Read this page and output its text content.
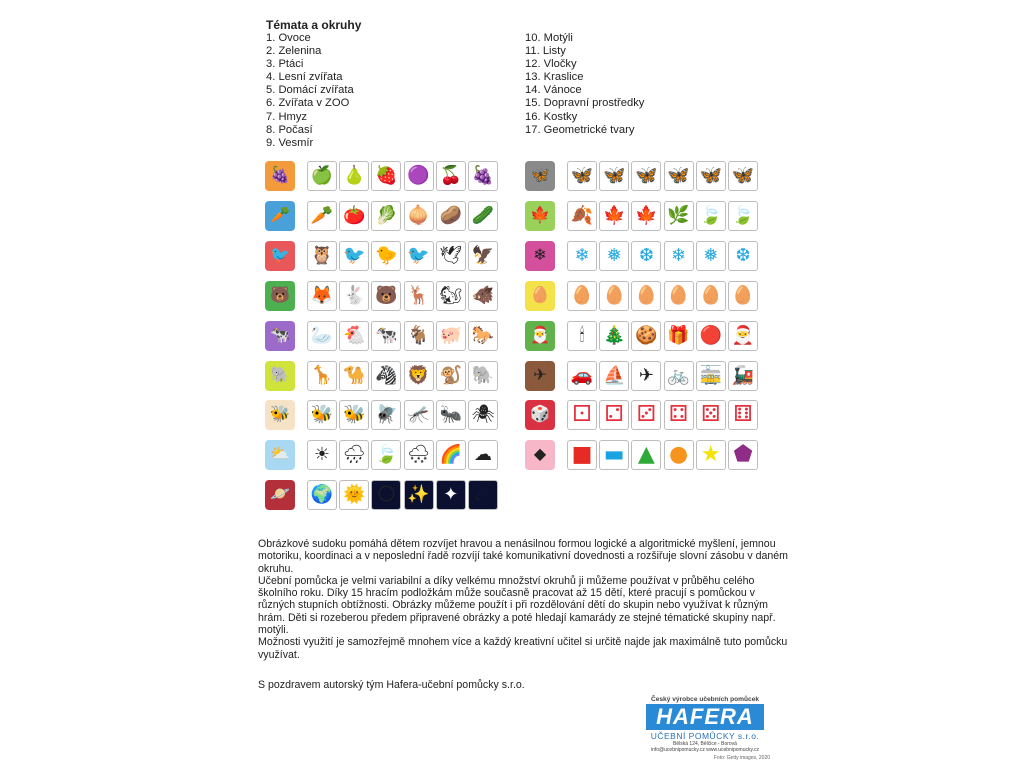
Témata a okruhy
1. Ovoce
2. Zelenina
3. Ptáci
4. Lesní zvířata
5. Domácí zvířata
6. Zvířata v ZOO
7. Hmyz
8. Počasí
9. Vesmír
10. Motýli
11. Listy
12. Vločky
13. Kraslice
14. Vánoce
15. Dopravní prostředky
16. Kostky
17. Geometrické tvary
🍇 🍏 🍐 🍓 🟣 🍒 🍇
🥕 🥕 🍅 🥬 🧅 🥔 🥒
🐦 🦉 🐦 🐤 🐦 🕊 🦅
🐻 🦊 🐇 🐻 🦌 🐿 🐗
🐄 🦢 🐔 🐄 🐐 🐖 🐎
🐘 🦒 🐪 🦓 🦁 🐒 🐘
🐝 🐝 🐝 🪰 🦟 🐜 🕷
⛅ ☀ 🌧 🍃 🌨 🌈 ☁
🪐 🌍 🌞 🌕 ✨ ✦ ☄
🦋 🦋 🦋 🦋 🦋 🦋 🦋
🍁 🍂 🍁 🍁 🌿 🍃 🍃
❄ ❄ ❅ ❆ ❄ ❅ ❆
🥚 🥚 🥚 🥚 🥚 🥚 🥚
🎅 🕯 🎄 🍪 🎁 🔴 🎅
✈ 🚗 ⛵ ✈ 🚲 🚋 🚂
🎲 ⚀ ⚁ ⚂ ⚃ ⚄ ⚅
◆ ■ ▬ ▲ ● ★ ⬟

Obrázkové sudoku pomáhá dětem rozvíjet hravou a nenásilnou formou logické a algoritmické myšlení, jemnou motoriku, koordinaci a v neposlední řadě rozvíjí také komunikativní dovednosti a rozšiřuje slovní zásobu v daném okruhu.

Učební pomůcka je velmi variabilní a díky velkému množství okruhů ji můžeme používat v průběhu celého školního roku. Díky 15 hracím podložkám může současně pracovat až 15 dětí, které pracují s pomůckou v různých stupních obtížnosti. Obrázky můžeme použít i při rozdělování dětí do skupin nebo využívat k různým hrám. Děti si rozeberou předem připravené obrázky a poté hledají kamarády ze stejné tématické skupiny např. motýli.

Možnosti využití je samozřejmě mnohem více a každý kreativní učitel si určitě najde jak maximálně tuto pomůcku využívat.

S pozdravem autorský tým Hafera-učební pomůcky s.r.o.

Český výrobce učebních pomůcek
HAFERA
UČEBNÍ POMŮCKY s.r.o.
Bělská 124, Bělčice - Borová
info@ucebnipomucky.cz www.ucebnipomucky.cz
Foto: Getty images, 2020
